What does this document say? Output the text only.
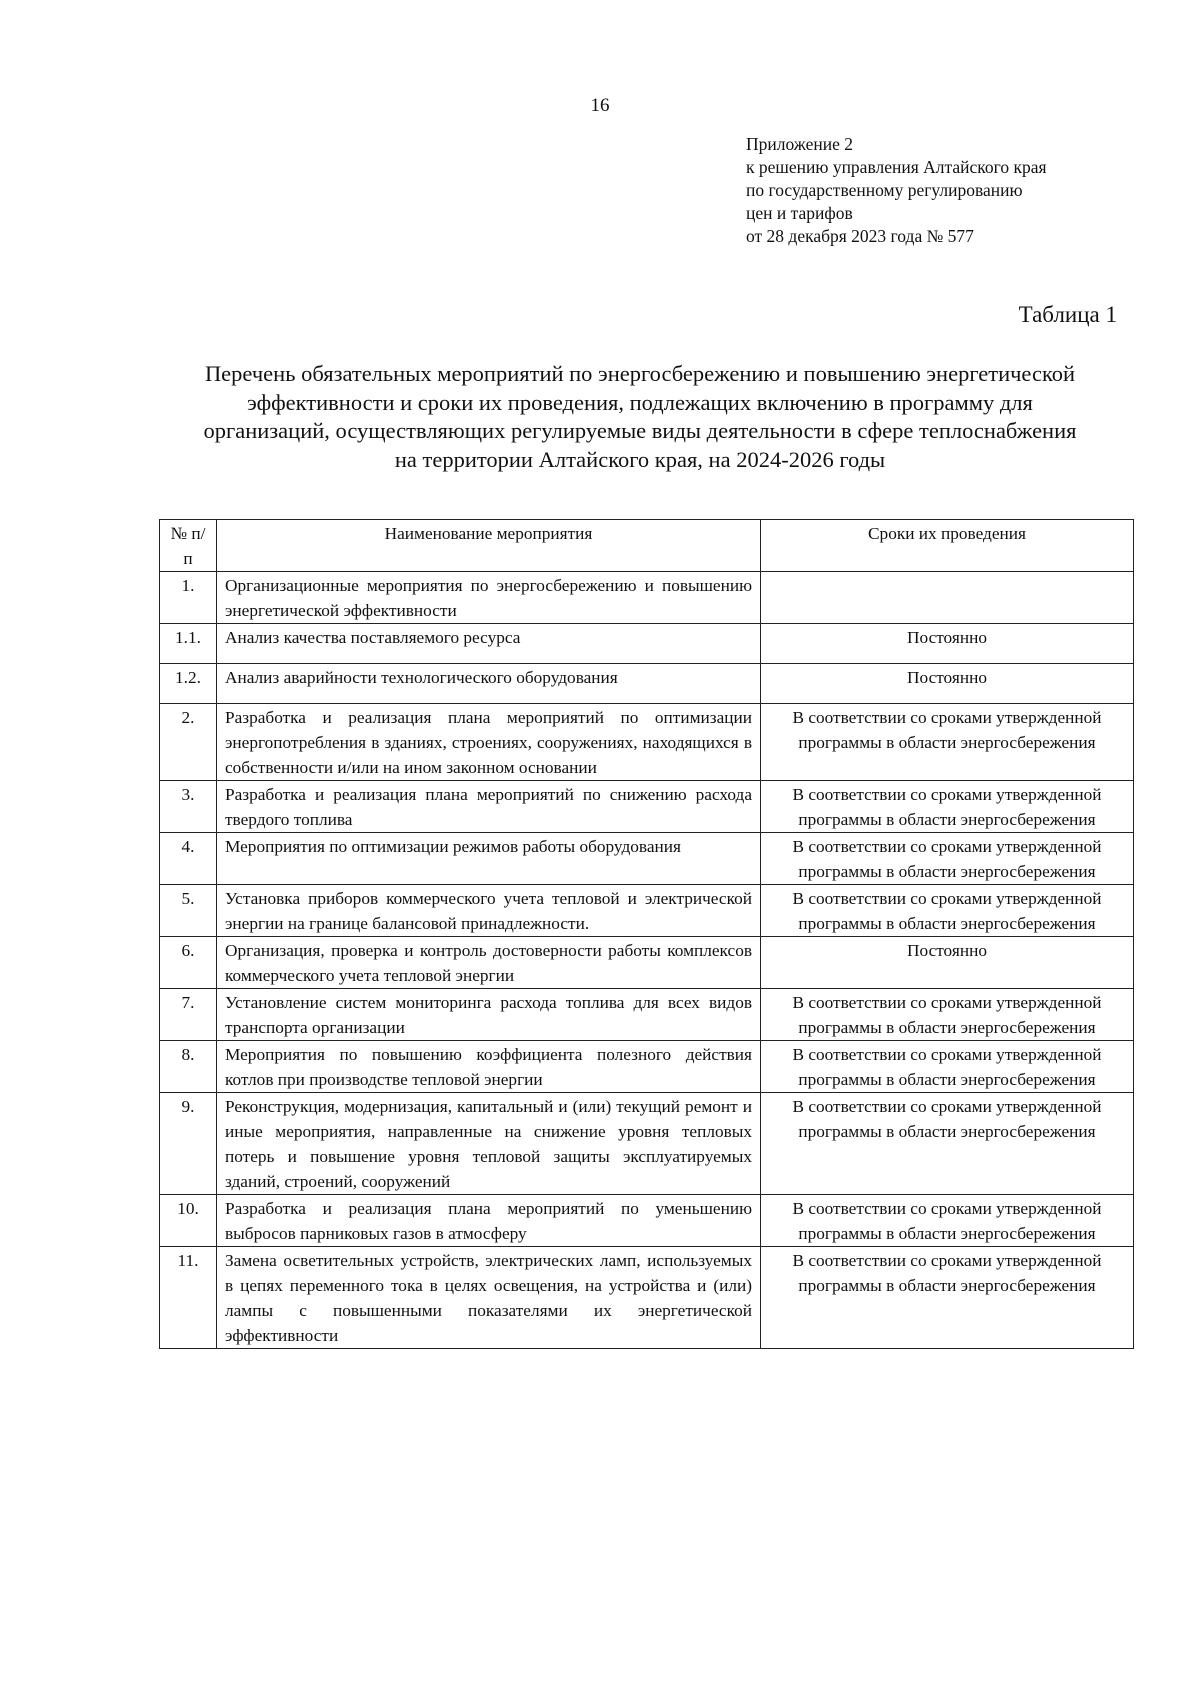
16
Приложение 2
к решению управления Алтайского края
по государственному регулированию
цен и тарифов
от 28 декабря 2023 года № 577
Таблица 1
Перечень обязательных мероприятий по энергосбережению и повышению энергетической
эффективности и сроки их проведения, подлежащих включению в программу для
организаций, осуществляющих регулируемые виды деятельности в сфере теплоснабжения
на территории Алтайского края, на 2024-2026 годы
№ п/п	Наименование мероприятия	Сроки их проведения
1.	Организационные мероприятия по энергосбережению и повышению энергетической эффективности	
1.1.	Анализ качества поставляемого ресурса	Постоянно
1.2.	Анализ аварийности технологического оборудования	Постоянно
2.	Разработка и реализация плана мероприятий по оптимизации энергопотребления в зданиях, строениях, сооружениях, находящихся в собственности и/или на ином законном основании	В соответствии со сроками утвержденной программы в области энергосбережения
3.	Разработка и реализация плана мероприятий по снижению расхода твердого топлива	В соответствии со сроками утвержденной программы в области энергосбережения
4.	Мероприятия по оптимизации режимов работы оборудования	В соответствии со сроками утвержденной программы в области энергосбережения
5.	Установка приборов коммерческого учета тепловой и электрической энергии на границе балансовой принадлежности.	В соответствии со сроками утвержденной программы в области энергосбережения
6.	Организация, проверка и контроль достоверности работы комплексов коммерческого учета тепловой энергии	Постоянно
7.	Установление систем мониторинга расхода топлива для всех видов транспорта организации	В соответствии со сроками утвержденной программы в области энергосбережения
8.	Мероприятия по повышению коэффициента полезного действия котлов при производстве тепловой энергии	В соответствии со сроками утвержденной программы в области энергосбережения
9.	Реконструкция, модернизация, капитальный и (или) текущий ремонт и иные мероприятия, направленные на снижение уровня тепловых потерь и повышение уровня тепловой защиты эксплуатируемых зданий, строений, сооружений	В соответствии со сроками утвержденной программы в области энергосбережения
10.	Разработка и реализация плана мероприятий по уменьшению выбросов парниковых газов в атмосферу	В соответствии со сроками утвержденной программы в области энергосбережения
11.	Замена осветительных устройств, электрических ламп, используемых в цепях переменного тока в целях освещения, на устройства и (или) лампы с повышенными показателями их энергетической эффективности	В соответствии со сроками утвержденной программы в области энергосбережения
